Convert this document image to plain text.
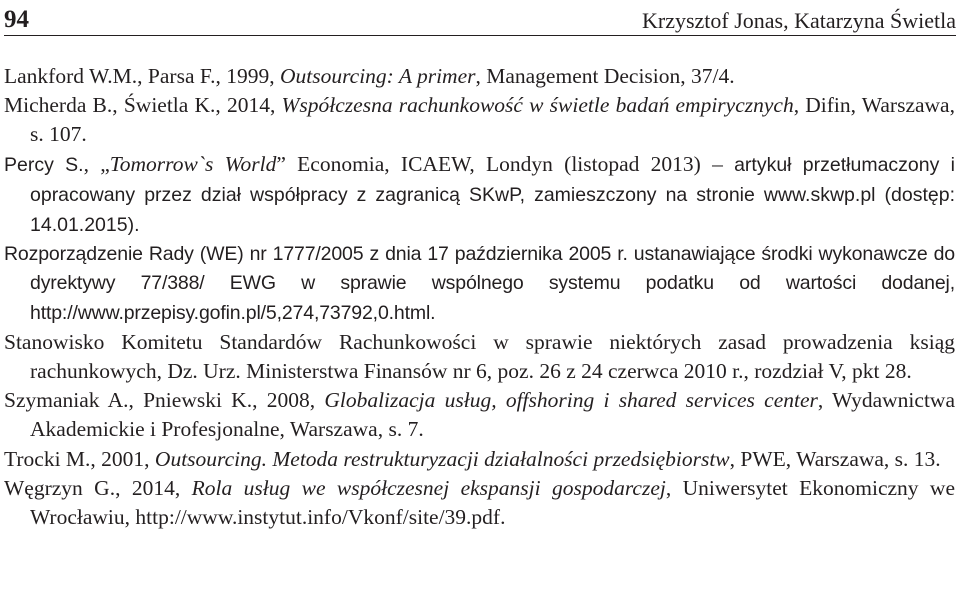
94	Krzysztof Jonas, Katarzyna Świetla

Lankford W.M., Parsa F., 1999, Outsourcing: A primer, Management Decision, 37/4.

Micherda B., Świetla K., 2014, Współczesna rachunkowość w świetle badań empirycznych, Difin, Warszawa, s. 107.

Percy S., „Tomorrow`s World” Economia, ICAEW, Londyn (listopad 2013) – artykuł przetłumaczony i opracowany przez dział współpracy z zagranicą SKwP, zamieszczony na stronie www.skwp.pl (dostęp: 14.01.2015).

Rozporządzenie Rady (WE) nr 1777/2005 z dnia 17 października 2005 r. ustanawiające środki wykonawcze do dyrektywy 77/388/ EWG w sprawie wspólnego systemu podatku od wartości dodanej, http://www.przepisy.gofin.pl/5,274,73792,0.html.

Stanowisko Komitetu Standardów Rachunkowości w sprawie niektórych zasad prowadzenia ksiąg rachunkowych, Dz. Urz. Ministerstwa Finansów nr 6, poz. 26 z 24 czerwca 2010 r., rozdział V, pkt 28.

Szymaniak A., Pniewski K., 2008, Globalizacja usług, offshoring i shared services center, Wydawnictwa Akademickie i Profesjonalne, Warszawa, s. 7.

Trocki M., 2001, Outsourcing. Metoda restrukturyzacji działalności przedsiębiorstw, PWE, Warszawa, s. 13.

Węgrzyn G., 2014, Rola usług we współczesnej ekspansji gospodarczej, Uniwersytet Ekonomiczny we Wrocławiu, http://www.instytut.info/Vkonf/site/39.pdf.
